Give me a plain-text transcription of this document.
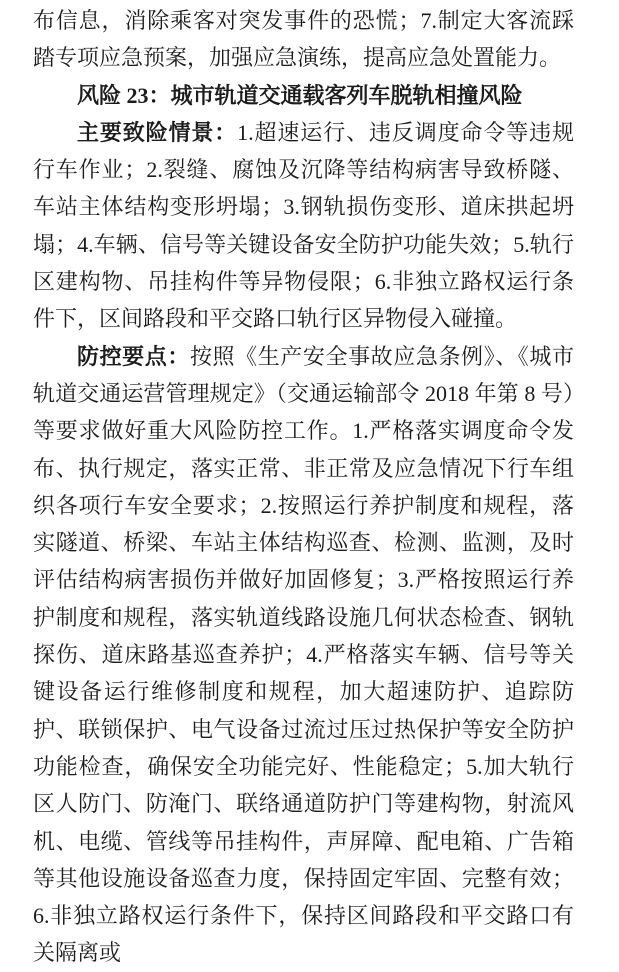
布信息，消除乘客对突发事件的恐慌；7.制定大客流踩踏专项应急预案，加强应急演练，提高应急处置能力。

风险 23：城市轨道交通载客列车脱轨相撞风险

主要致险情景：1.超速运行、违反调度命令等违规行车作业；2.裂缝、腐蚀及沉降等结构病害导致桥隧、车站主体结构变形坍塌；3.钢轨损伤变形、道床拱起坍塌；4.车辆、信号等关键设备安全防护功能失效；5.轨行区建构物、吊挂构件等异物侵限；6.非独立路权运行条件下，区间路段和平交路口轨行区异物侵入碰撞。

防控要点：按照《生产安全事故应急条例》、《城市轨道交通运营管理规定》（交通运输部令 2018 年第 8 号）等要求做好重大风险防控工作。1.严格落实调度命令发布、执行规定，落实正常、非正常及应急情况下行车组织各项行车安全要求；2.按照运行养护制度和规程，落实隧道、桥梁、车站主体结构巡查、检测、监测，及时评估结构病害损伤并做好加固修复；3.严格按照运行养护制度和规程，落实轨道线路设施几何状态检查、钢轨探伤、道床路基巡查养护；4.严格落实车辆、信号等关键设备运行维修制度和规程，加大超速防护、追踪防护、联锁保护、电气设备过流过压过热保护等安全防护功能检查，确保安全功能完好、性能稳定；5.加大轨行区人防门、防淹门、联络通道防护门等建构物，射流风机、电缆、管线等吊挂构件，声屏障、配电箱、广告箱等其他设施设备巡查力度，保持固定牢固、完整有效；6.非独立路权运行条件下，保持区间路段和平交路口有关隔离或
